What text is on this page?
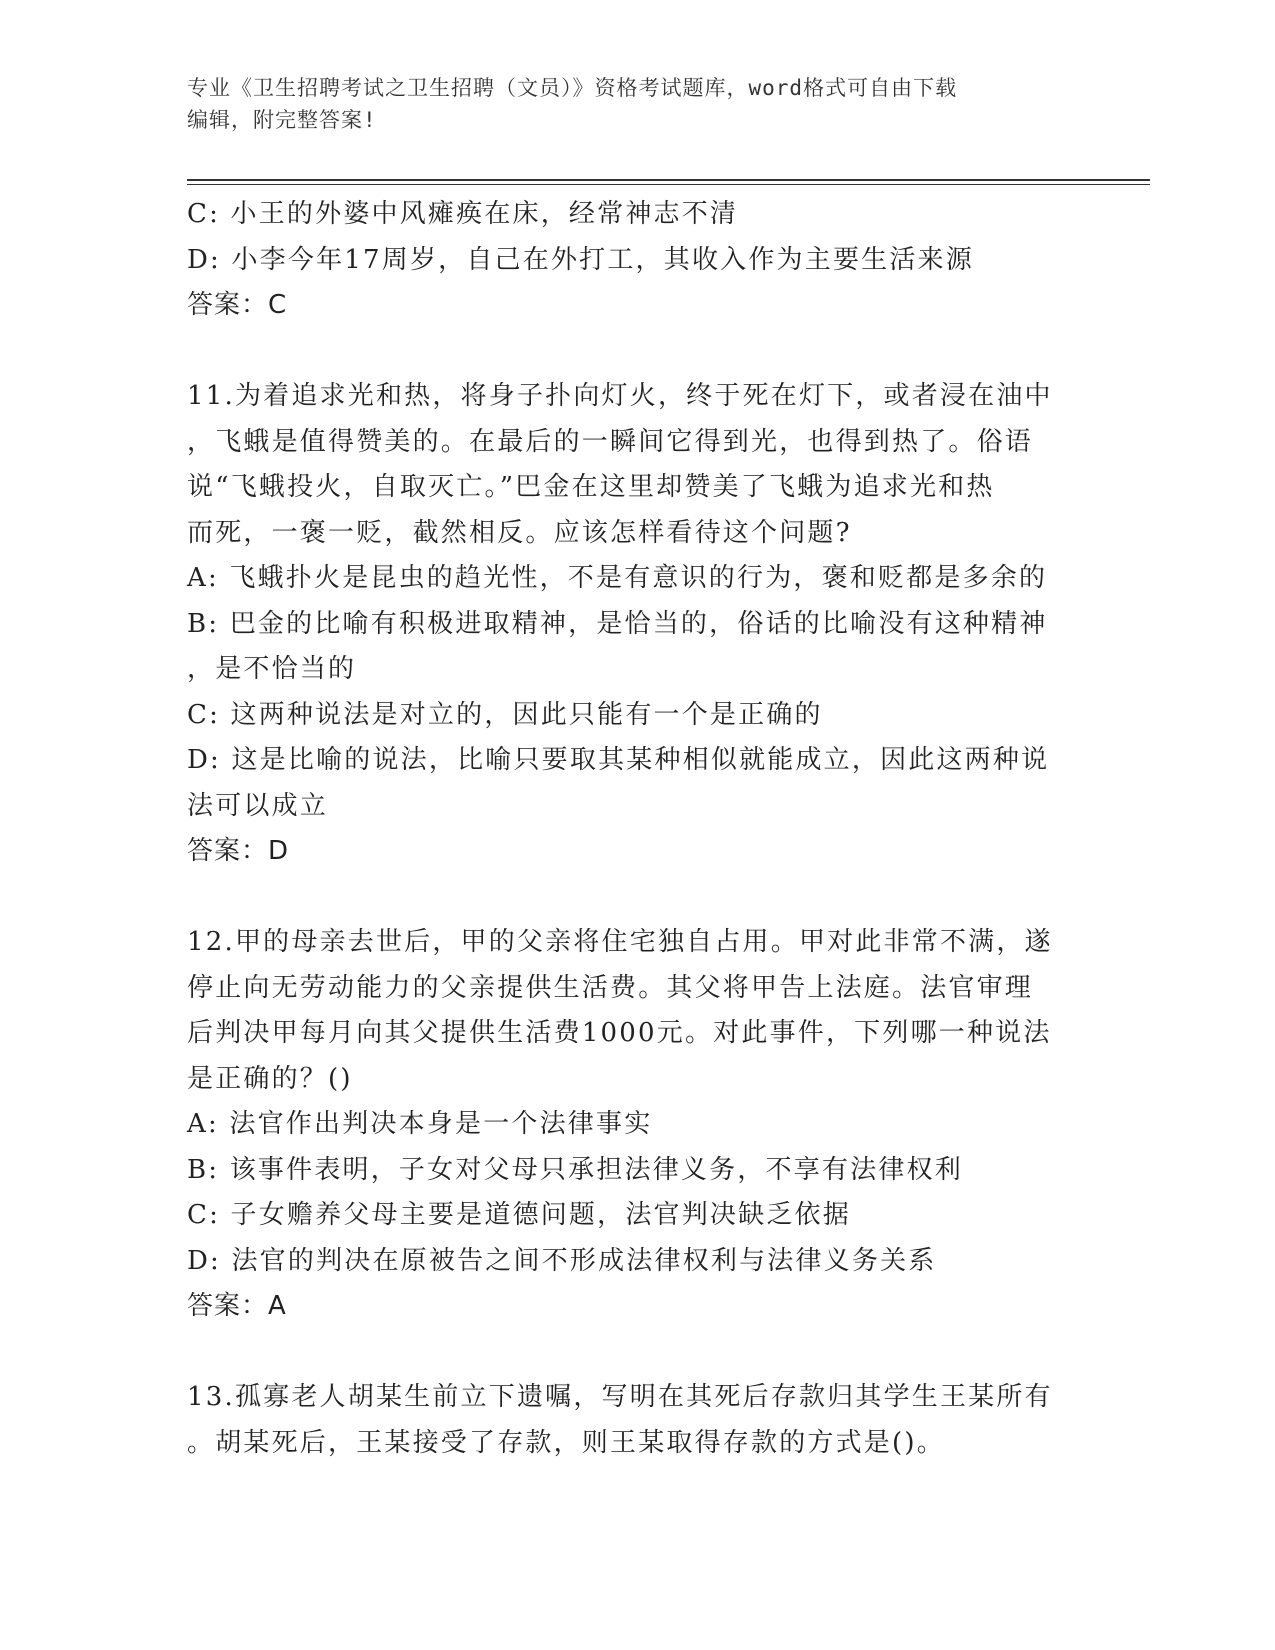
专业《卫生招聘考试之卫生招聘（文员）》资格考试题库，word格式可自由下载
编辑，附完整答案!
C: 小王的外婆中风瘫痪在床，经常神志不清
D: 小李今年17周岁，自己在外打工，其收入作为主要生活来源
答案：C
11.为着追求光和热，将身子扑向灯火，终于死在灯下，或者浸在油中
，飞蛾是值得赞美的。在最后的一瞬间它得到光，也得到热了。俗语
说“飞蛾投火，自取灭亡。”巴金在这里却赞美了飞蛾为追求光和热
而死，一褒一贬，截然相反。应该怎样看待这个问题?
A: 飞蛾扑火是昆虫的趋光性，不是有意识的行为，褒和贬都是多余的
B: 巴金的比喻有积极进取精神，是恰当的，俗话的比喻没有这种精神
，是不恰当的
C: 这两种说法是对立的，因此只能有一个是正确的
D: 这是比喻的说法，比喻只要取其某种相似就能成立，因此这两种说
法可以成立
答案：D
12.甲的母亲去世后，甲的父亲将住宅独自占用。甲对此非常不满，遂
停止向无劳动能力的父亲提供生活费。其父将甲告上法庭。法官审理
后判决甲每月向其父提供生活费1000元。对此事件，下列哪一种说法
是正确的？()
A: 法官作出判决本身是一个法律事实
B: 该事件表明，子女对父母只承担法律义务，不享有法律权利
C: 子女赡养父母主要是道德问题，法官判决缺乏依据
D: 法官的判决在原被告之间不形成法律权利与法律义务关系
答案：A
13.孤寡老人胡某生前立下遗嘱，写明在其死后存款归其学生王某所有
。胡某死后，王某接受了存款，则王某取得存款的方式是()。
